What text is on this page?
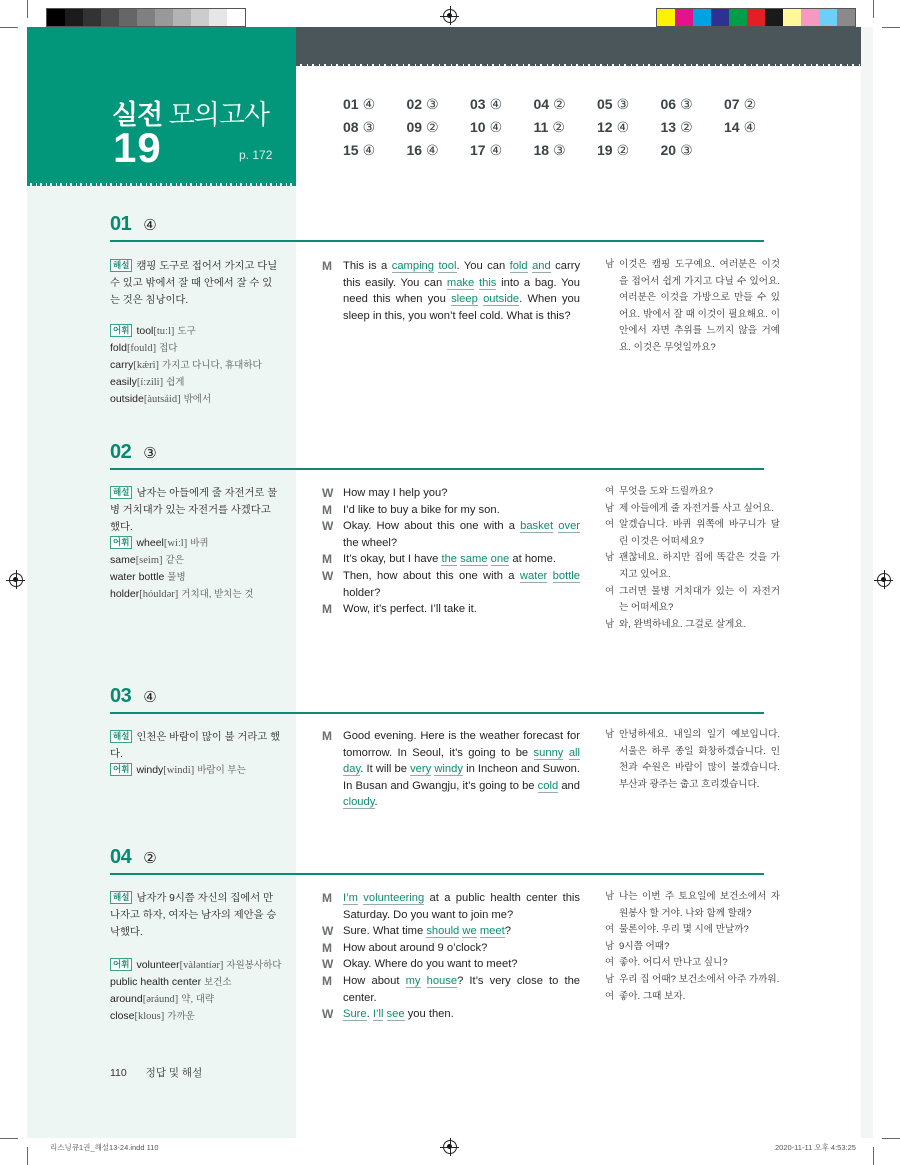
실전 모의고사
19	p. 172
01 ④	02 ③	03 ④	04 ②	05 ③	06 ③	07 ②
08 ③	09 ②	10 ④	11 ②	12 ④	13 ②	14 ④
15 ④	16 ④	17 ④	18 ③	19 ②	20 ③
01 ④
해설 캠핑 도구로 접어서 가지고 다닐 수 있고 밖에서 잘 때 안에서 잘 수 있는 것은 침낭이다.
어휘 tool[tuːl] 도구
fold[fould] 접다
carry[kǽri] 가지고 다니다, 휴대하다
easily[íːzili] 쉽게
outside[àutsáid] 밖에서
M This is a camping tool. You can fold and carry this easily. You can make this into a bag. You need this when you sleep outside. When you sleep in this, you won’t feel cold. What is this?
남 이것은 캠핑 도구예요. 여러분은 이것을 접어서 쉽게 가지고 다닐 수 있어요. 여러분은 이것을 가방으로 만들 수 있어요. 밖에서 잘 때 이것이 필요해요. 이 안에서 자면 추위를 느끼지 않을 거예요. 이것은 무엇일까요?
02 ③
해설 남자는 아들에게 줄 자전거로 물병 거치대가 있는 자전거를 사겠다고 했다.
어휘 wheel[wiːl] 바퀴
same[seim] 같은
water bottle 물병
holder[hóuldər] 거치대, 받치는 것
W How may I help you?
M I’d like to buy a bike for my son.
W Okay. How about this one with a basket over the wheel?
M It’s okay, but I have the same one at home.
W Then, how about this one with a water bottle holder?
M Wow, it’s perfect. I’ll take it.
여 무엇을 도와 드릴까요?
남 제 아들에게 줄 자전거를 사고 싶어요.
여 알겠습니다. 바퀴 위쪽에 바구니가 달린 이것은 어떠세요?
남 괜찮네요. 하지만 집에 똑같은 것을 가지고 있어요.
여 그러면 물병 거치대가 있는 이 자전거는 어떠세요?
남 와, 완벽하네요. 그걸로 살게요.
03 ④
해설 인천은 바람이 많이 불 거라고 했다.
어휘 windy[windi] 바람이 부는
M Good evening. Here is the weather forecast for tomorrow. In Seoul, it’s going to be sunny all day. It will be very windy in Incheon and Suwon. In Busan and Gwangju, it’s going to be cold and cloudy.
남 안녕하세요. 내일의 일기 예보입니다. 서울은 하루 종일 화창하겠습니다. 인천과 수원은 바람이 많이 불겠습니다. 부산과 광주는 춥고 흐리겠습니다.
04 ②
해설 남자가 9시쯤 자신의 집에서 만나자고 하자, 여자는 남자의 제안을 승낙했다.
어휘 volunteer[vàləntíər] 자원봉사하다
public health center 보건소
around[əráund] 약, 대략
close[klous] 가까운
M I’m volunteering at a public health center this Saturday. Do you want to join me?
W Sure. What time should we meet?
M How about around 9 o’clock?
W Okay. Where do you want to meet?
M How about my house? It’s very close to the center.
W Sure. I’ll see you then.
남 나는 이번 주 토요일에 보건소에서 자원봉사 할 거야. 나와 함께 할래?
여 물론이야. 우리 몇 시에 만날까?
남 9시쯤 어때?
여 좋아. 어디서 만나고 싶니?
남 우리 집 어때? 보건소에서 아주 가까워.
여 좋아. 그때 보자.
110 정답 및 해설
리스닝큐1권_해설13-24.indd 110	2020-11-11 오후 4:53:25
